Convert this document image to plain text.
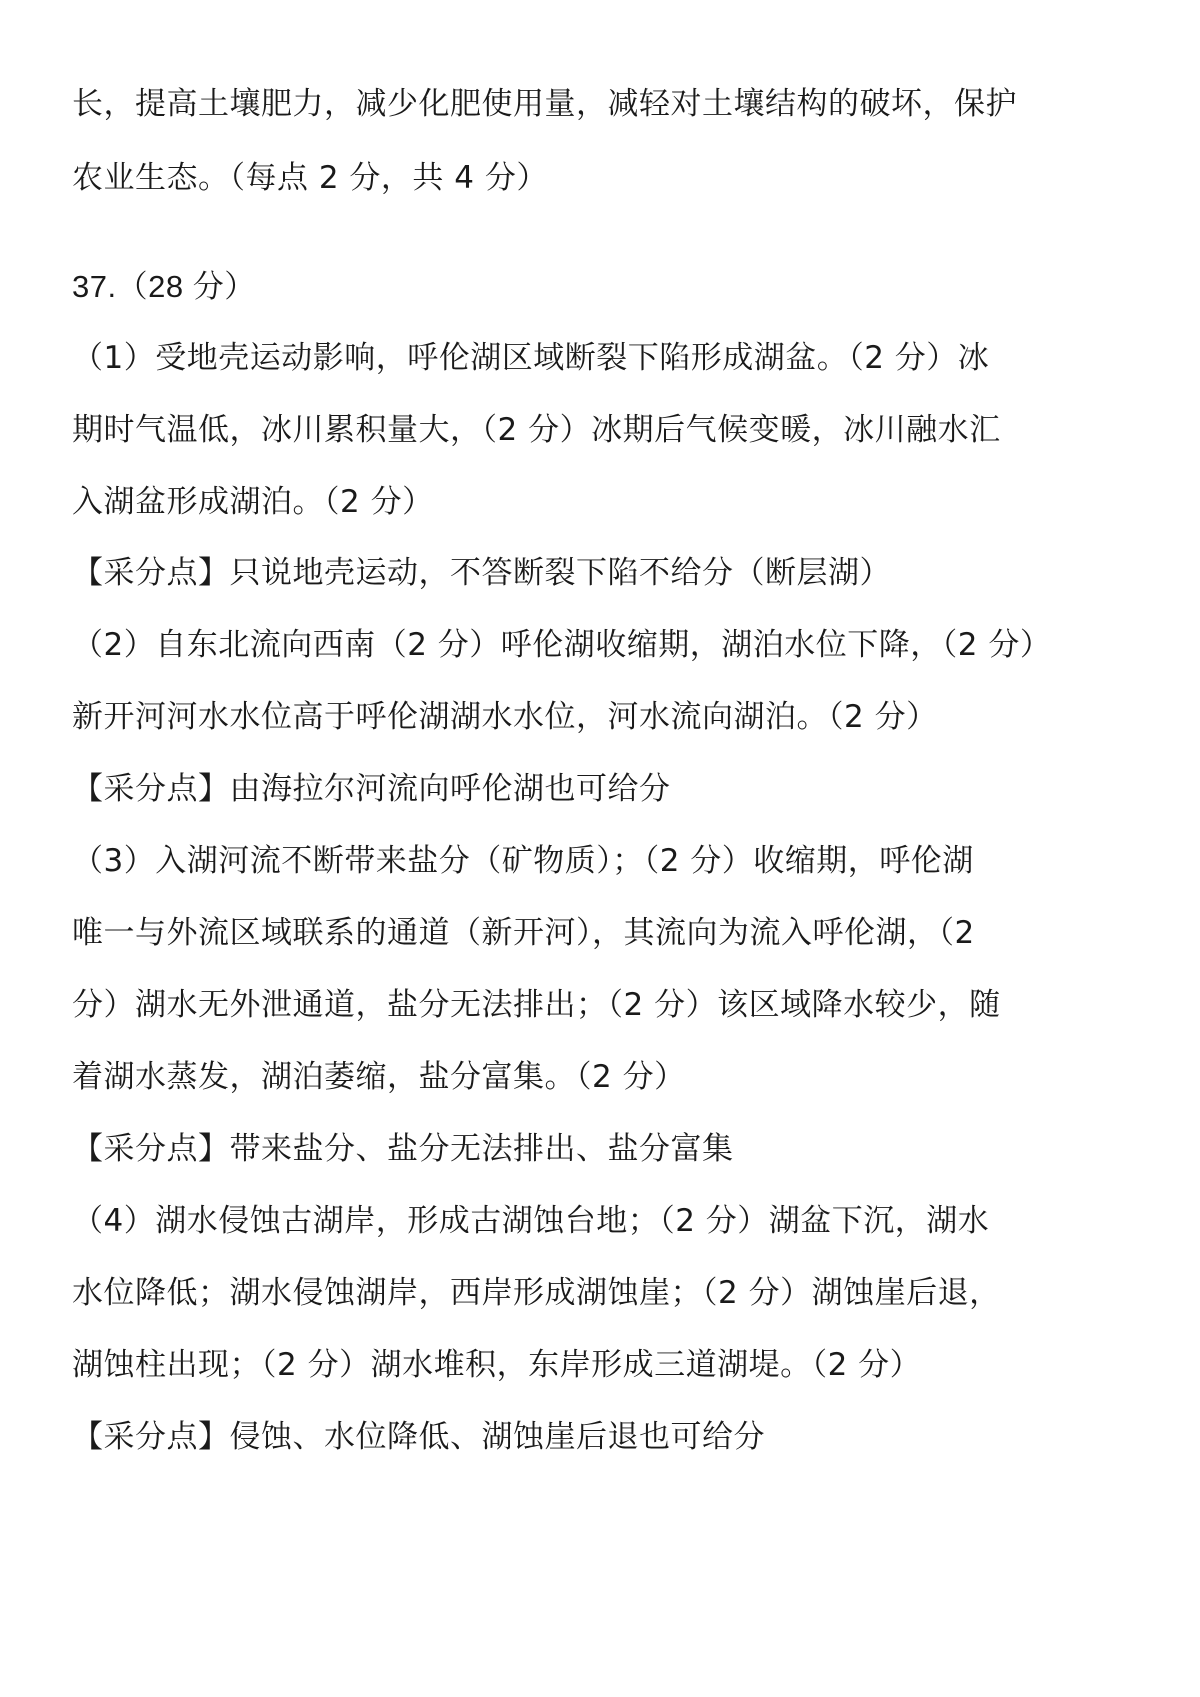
长，提高土壤肥力，减少化肥使用量，减轻对土壤结构的破坏，保护
农业生态。（每点 2 分，共 4 分）
37.（28 分）
（1）受地壳运动影响，呼伦湖区域断裂下陷形成湖盆。（2 分）冰
期时气温低，冰川累积量大，（2 分）冰期后气候变暖，冰川融水汇
入湖盆形成湖泊。（2 分）
【采分点】只说地壳运动，不答断裂下陷不给分（断层湖）
（2）自东北流向西南（2 分）呼伦湖收缩期，湖泊水位下降，（2 分）
新开河河水水位高于呼伦湖湖水水位，河水流向湖泊。（2 分）
【采分点】由海拉尔河流向呼伦湖也可给分
（3）入湖河流不断带来盐分（矿物质）；（2 分）收缩期，呼伦湖
唯一与外流区域联系的通道（新开河），其流向为流入呼伦湖，（2
分）湖水无外泄通道，盐分无法排出；（2 分）该区域降水较少，随
着湖水蒸发，湖泊萎缩，盐分富集。（2 分）
【采分点】带来盐分、盐分无法排出、盐分富集
（4）湖水侵蚀古湖岸，形成古湖蚀台地；（2 分）湖盆下沉，湖水
水位降低；湖水侵蚀湖岸，西岸形成湖蚀崖；（2 分）湖蚀崖后退，
湖蚀柱出现；（2 分）湖水堆积，东岸形成三道湖堤。（2 分）
【采分点】侵蚀、水位降低、湖蚀崖后退也可给分
